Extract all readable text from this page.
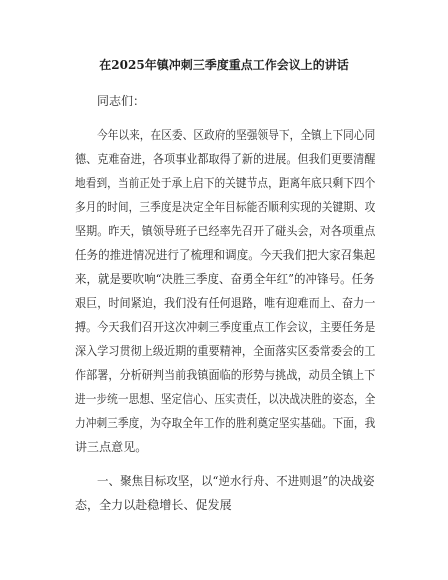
在2025年镇冲刺三季度重点工作会议上的讲话
同志们：
今年以来，在区委、区政府的坚强领导下，全镇上下同心同
德、克难奋进，各项事业都取得了新的进展。但我们更要清醒
地看到，当前正处于承上启下的关键节点，距离年底只剩下四个
多月的时间，三季度是决定全年目标能否顺利实现的关键期、攻
坚期。昨天，镇领导班子已经率先召开了碰头会，对各项重点
任务的推进情况进行了梳理和调度。今天我们把大家召集起
来，就是要吹响“决胜三季度、奋勇全年红”的冲锋号。任务
艰巨，时间紧迫，我们没有任何退路，唯有迎难而上、奋力一
搏。今天我们召开这次冲刺三季度重点工作会议，主要任务是
深入学习贯彻上级近期的重要精神，全面落实区委常委会的工
作部署，分析研判当前我镇面临的形势与挑战，动员全镇上下
进一步统一思想、坚定信心、压实责任，以决战决胜的姿态，全
力冲刺三季度，为夺取全年工作的胜利奠定坚实基础。下面，我
讲三点意见。
一、聚焦目标攻坚，以“逆水行舟、不进则退”的决战姿
态，全力以赴稳增长、促发展
